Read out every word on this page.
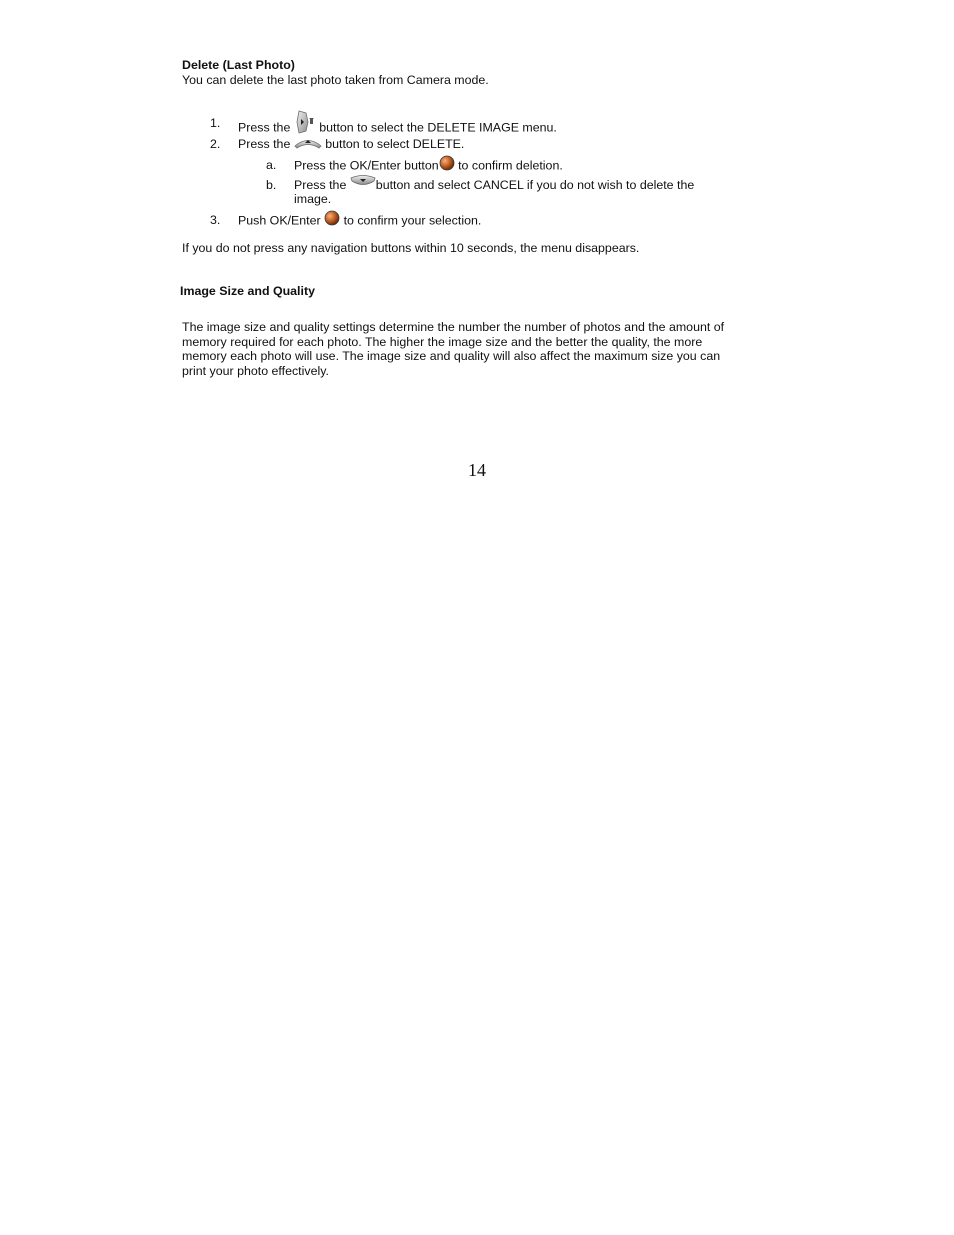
Delete (Last Photo)
You can delete the last photo taken from Camera mode.
1. Press the button to select the DELETE IMAGE menu.
2. Press the	button to select DELETE.
a. Press the OK/Enter button to confirm deletion.
b. Press the button and select CANCEL if you do not wish to delete the
image.
3. Push OK/Enter to confirm your selection.
If you do not press any navigation buttons within 10 seconds, the menu disappears.
Image Size and Quality
The image size and quality settings determine the number the number of photos and the amount of memory required for each photo. The higher the image size and the better the quality, the more memory each photo will use. The image size and quality will also affect the maximum size you can print your photo effectively.
14
